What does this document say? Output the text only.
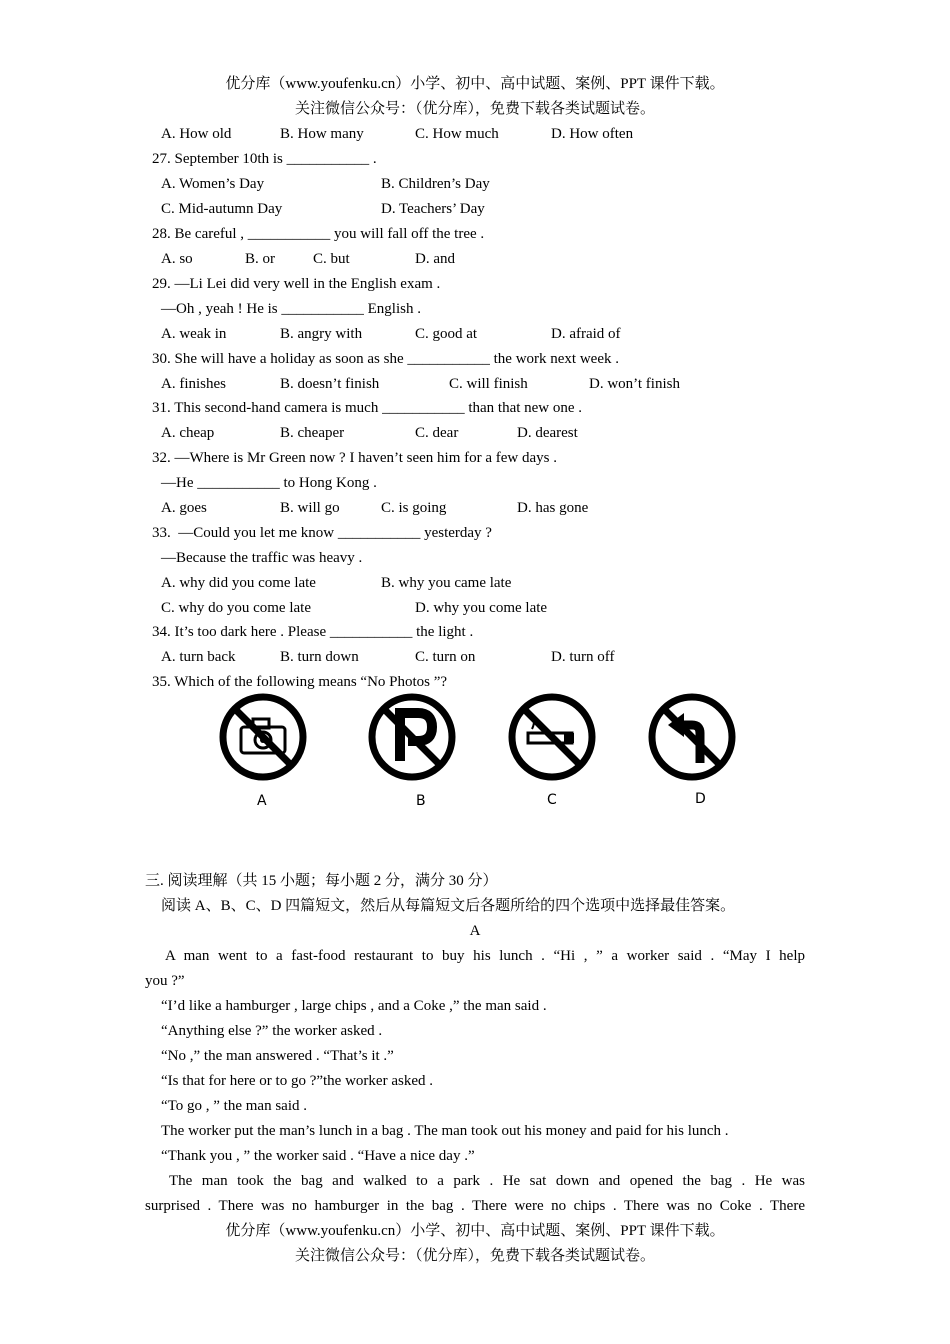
优分库（www.youfenku.cn）小学、初中、高中试题、案例、PPT 课件下载。
关注微信公众号：（优分库），免费下载各类试题试卷。
A. How old	B. How many	C. How much	D. How often
27. September 10th is ___________ .
A. Women’s Day	B. Children’s Day
C. Mid-autumn Day	D. Teachers’ Day
28. Be careful , ___________ you will fall off the tree .
A. so	B. or	C. but	D. and
29. —Li Lei did very well in the English exam .
—Oh , yeah ! He is ___________ English .
A. weak in	B. angry with	C. good at	D. afraid of
30. She will have a holiday as soon as she ___________ the work next week .
A. finishes	B. doesn’t finish	C. will finish	D. won’t finish
31. This second-hand camera is much ___________ than that new one .
A. cheap	B. cheaper	C. dear	D. dearest
32. —Where is Mr Green now ? I haven’t seen him for a few days .
—He ___________ to Hong Kong .
A. goes	B. will go	C. is going	D. has gone
33.  —Could you let me know ___________ yesterday ?
—Because the traffic was heavy .
A. why did you come late	B. why you came late
C. why do you come late	D. why you come late
34. It’s too dark here . Please ___________ the light .
A. turn back	B. turn down	C. turn on	D. turn off
35. Which of the following means “No Photos ”?
A	B	C	D
三. 阅读理解（共 15 小题；每小题 2 分，满分 30 分）
阅读 A、B、C、D 四篇短文，然后从每篇短文后各题所给的四个选项中选择最佳答案。
A
A man went to a fast-food restaurant to buy his lunch . “Hi , ” a worker said . “May I help
you ?”
“I’d like a hamburger , large chips , and a Coke ,” the man said .
“Anything else ?” the worker asked .
“No ,” the man answered . “That’s it .”
“Is that for here or to go ?”the worker asked .
“To go , ” the man said .
The worker put the man’s lunch in a bag . The man took out his money and paid for his lunch .
“Thank you , ” the worker said . “Have a nice day .”
The man took the bag and walked to a park . He sat down and opened the bag . He was
surprised . There was no hamburger in the bag . There were no chips . There was no Coke . There
优分库（www.youfenku.cn）小学、初中、高中试题、案例、PPT 课件下载。
关注微信公众号：（优分库），免费下载各类试题试卷。
